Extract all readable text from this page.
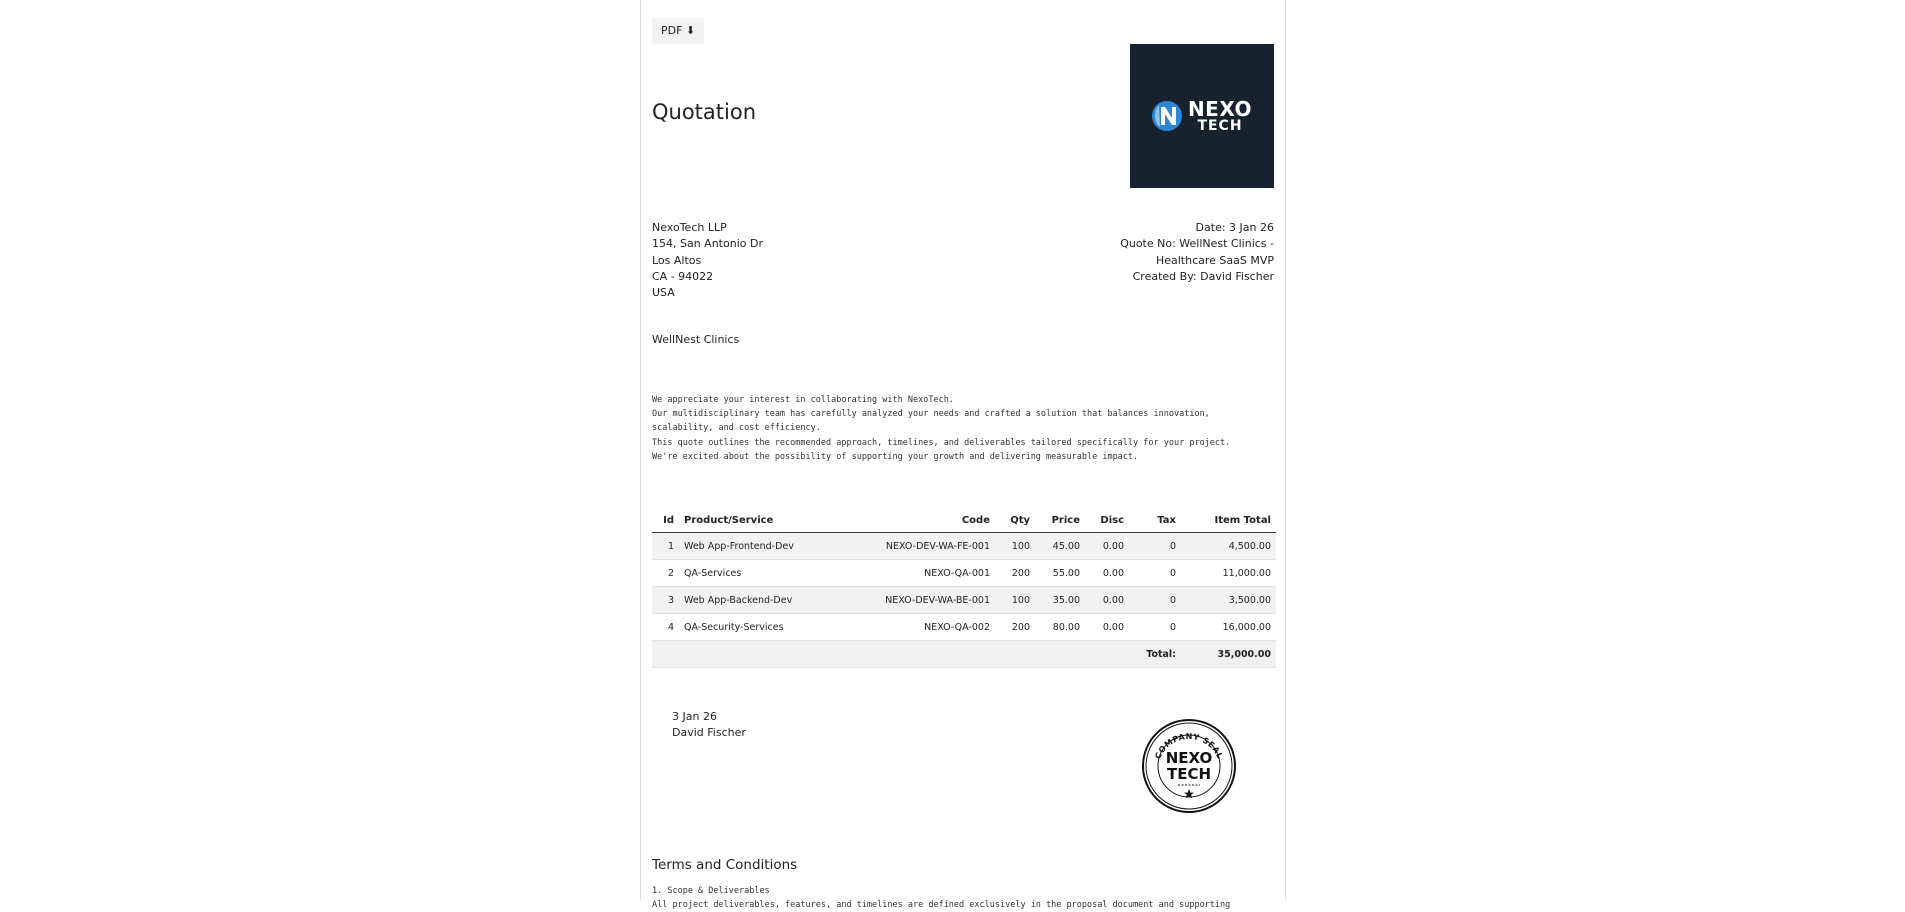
PDF ⬇
Quotation	NEXO
TECH
NexoTech LLP
154, San Antonio Dr
Los Altos
CA - 94022
USA
Date: 3 Jan 26
Quote No: WellNest Clinics -
Healthcare SaaS MVP
Created By: David Fischer
WellNest Clinics
We appreciate your interest in collaborating with NexoTech.
Our multidisciplinary team has carefully analyzed your needs and crafted a solution that balances innovation,
scalability, and cost efficiency.
This quote outlines the recommended approach, timelines, and deliverables tailored specifically for your project.
We're excited about the possibility of supporting your growth and delivering measurable impact.
Id	Product/Service	Code	Qty	Price	Disc	Tax	Item Total
1	Web App-Frontend-Dev	NEXO-DEV-WA-FE-001	100	45.00	0.00	0	4,500.00
2	QA-Services	NEXO-QA-001	200	55.00	0.00	0	11,000.00
3	Web App-Backend-Dev	NEXO-DEV-WA-BE-001	100	35.00	0.00	0	3,500.00
4	QA-Security-Services	NEXO-QA-002	200	80.00	0.00	0	16,000.00
						Total:	35,000.00
3 Jan 26
David Fischer
COMPANY SEAL
NEXO
TECH
Terms and Conditions
1. Scope & Deliverables
All project deliverables, features, and timelines are defined exclusively in the proposal document and supporting
